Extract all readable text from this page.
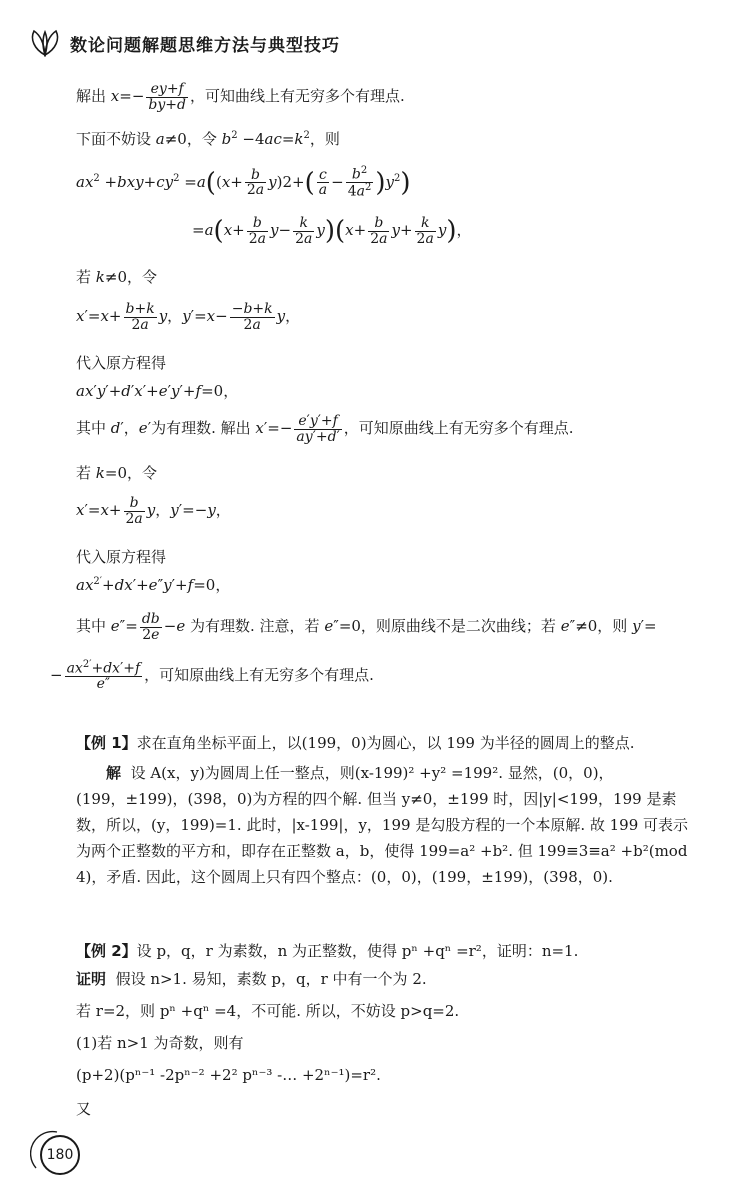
数论问题解题思维方法与典型技巧
解出 $x=- \frac{ey+f}{by+d}$ ，可知曲线上有无穷多个有理点.
下面不妨设 a≠0，令 $b^2 -4ac=k^2$，则
$ax^2 +bxy+cy^2 =a((x+ \frac{b}{2a} y)2+( \frac{c}{a} - \frac{b^2}{4a^2} )y^2)$
$=a(x+ \frac{b}{2a} y- \frac{k}{2a} y)(x+ \frac{b}{2a} y+ \frac{k}{2a} y)$，
若 k≠0，令
$x'=x+ \frac{b+k}{2a}$ y，$y'=x- \frac{-b+k}{2a}$ y，
代入原方程得
ax′y′+d′x′+e′y′+f=0，
其中 d′，e′为有理数. 解出 $x'=- \frac{e'y'+f}{ay'+d'}$ ，可知原曲线上有无穷多个有理点.
若 k=0，令
$x'=x+ \frac{b}{2a}$ y，y′=−y，
代入原方程得
$ax^{2'}+dx'+e''y'+f=0$，
其中 $e''= \frac{db}{2e} -e$ 为有理数. 注意，若 e″=0，则原曲线不是二次曲线；若 e″≠0，则 y′=
− $\frac{ax^{2'}+dx'+f}{e''}$ ，可知原曲线上有无穷多个有理点.
【例 1】求在直角坐标平面上，以(199，0)为圆心，以 199 为半径的圆周上的整点.
解 设 A(x，y)为圆周上任一整点，则(x-199)² +y² =199². 显然，(0，0)，(199，±199)，(398，0)为方程的四个解. 但当 y≠0，±199 时，因|y|<199，199 是素数，所以，(y，199)=1. 此时，|x-199|，y，199 是勾股方程的一个本原解. 故 199 可表示为两个正整数的平方和，即存在正整数 a，b，使得 199=a² +b². 但 199≡3≡a² +b²(mod 4)，矛盾. 因此，这个圆周上只有四个整点：(0，0)，(199，±199)，(398，0).
【例 2】设 p，q，r 为素数，n 为正整数，使得 pⁿ +qⁿ =r²，证明：n=1.
证明 假设 n>1. 易知，素数 p，q，r 中有一个为 2.
若 r=2，则 pⁿ +qⁿ =4，不可能. 所以，不妨设 p>q=2.
(1)若 n>1 为奇数，则有
(p+2)(pⁿ⁻¹ -2pⁿ⁻² +2² pⁿ⁻³ -… +2ⁿ⁻¹)=r².
又
180
